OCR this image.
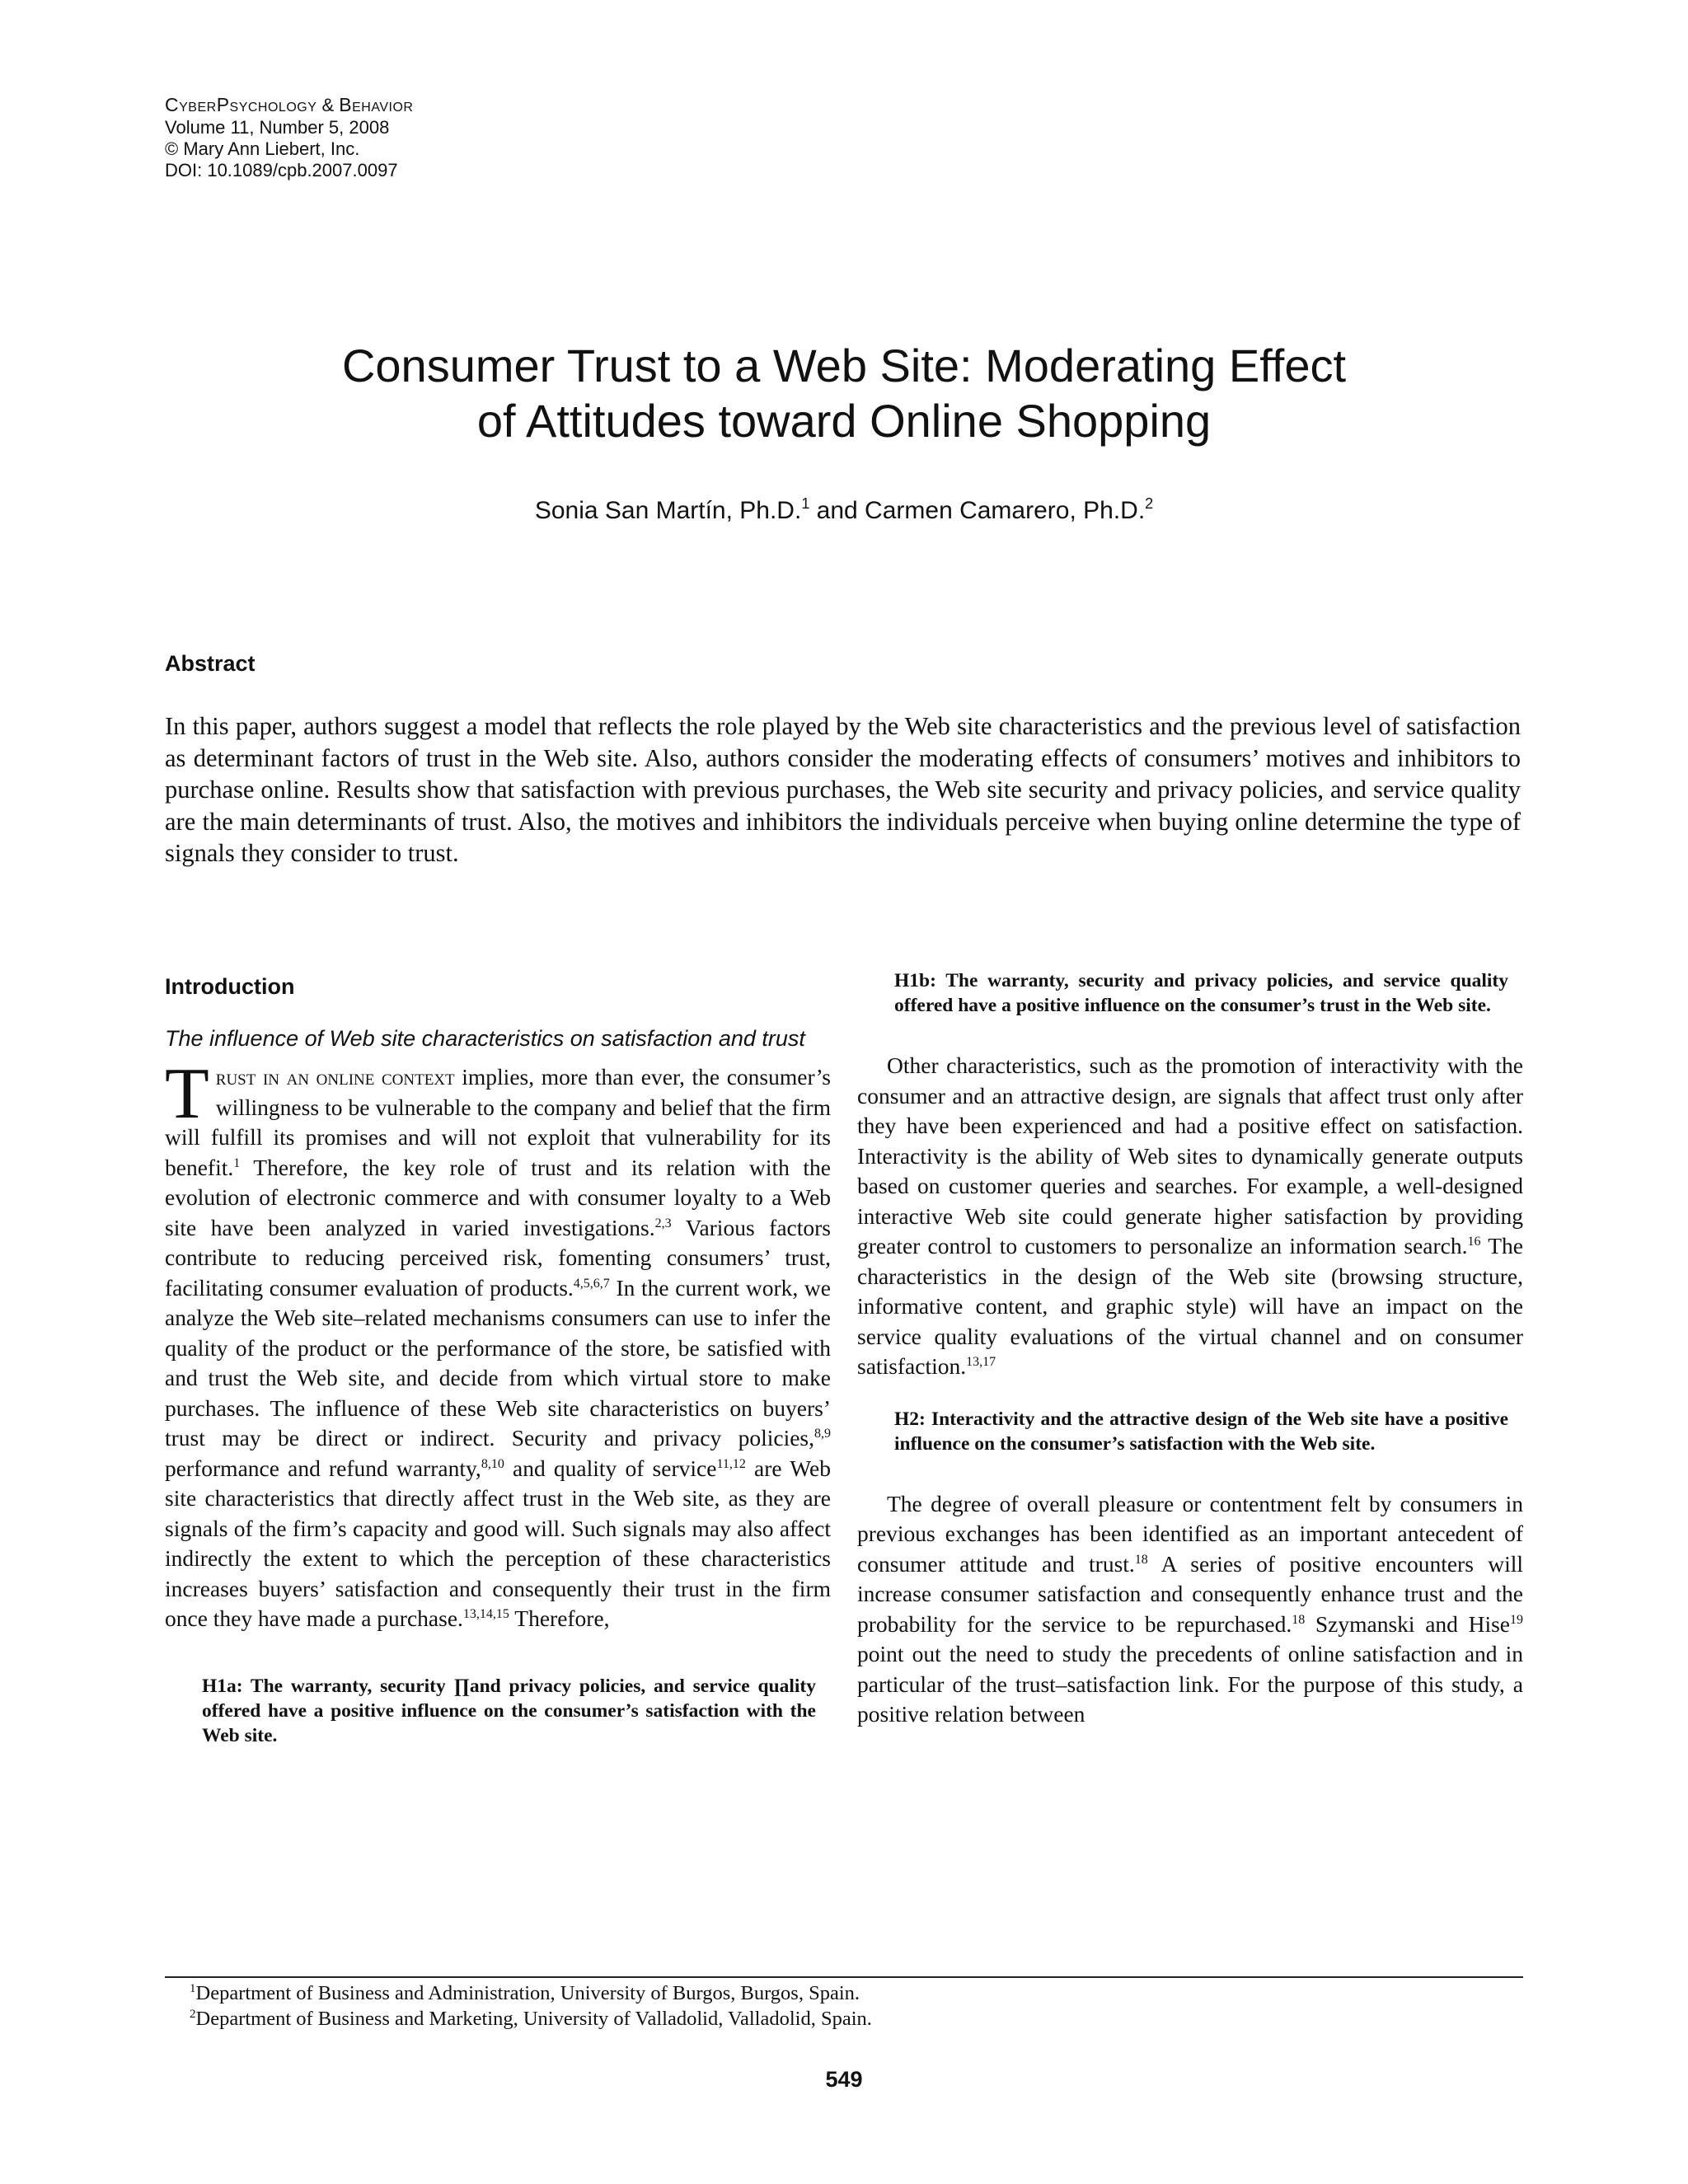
CyberPsychology & Behavior
Volume 11, Number 5, 2008
© Mary Ann Liebert, Inc.
DOI: 10.1089/cpb.2007.0097
Consumer Trust to a Web Site: Moderating Effect
of Attitudes toward Online Shopping
Sonia San Martín, Ph.D.$^1$ and Carmen Camarero, Ph.D.$^2$
Abstract

In this paper, authors suggest a model that reflects the role played by the Web site characteristics and the previous level of satisfaction as determinant factors of trust in the Web site. Also, authors consider the moderating effects of consumers’ motives and inhibitors to purchase online. Results show that satisfaction with previous purchases, the Web site security and privacy policies, and service quality are the main determinants of trust. Also, the motives and inhibitors the individuals perceive when buying online determine the type of signals they consider to trust.

Introduction
The influence of Web site characteristics on satisfaction and trust

Trust in an online context implies, more than ever, the consumer’s willingness to be vulnerable to the company and belief that the firm will fulfill its promises and will not exploit that vulnerability for its benefit.$^1$ Therefore, the key role of trust and its relation with the evolution of electronic commerce and with consumer loyalty to a Web site have been analyzed in varied investigations.$^{2,3}$ Various factors contribute to reducing perceived risk, fomenting consumers’ trust, facilitating consumer evaluation of products.$^{4,5,6,7}$ In the current work, we analyze the Web site–related mechanisms consumers can use to infer the quality of the product or the performance of the store, be satisfied with and trust the Web site, and decide from which virtual store to make purchases. The influence of these Web site characteristics on buyers’ trust may be direct or indirect. Security and privacy policies,$^{8,9}$ performance and refund warranty,$^{8,10}$ and quality of service$^{11,12}$ are Web site characteristics that directly affect trust in the Web site, as they are signals of the firm’s capacity and good will. Such signals may also affect indirectly the extent to which the perception of these characteristics increases buyers’ satisfaction and consequently their trust in the firm once they have made a purchase.$^{13,14,15}$ Therefore,

H1a: The warranty, security ∏and privacy policies, and service quality offered have a positive influence on the consumer’s satisfaction with the Web site.

H1b: The warranty, security and privacy policies, and service quality offered have a positive influence on the consumer’s trust in the Web site.

Other characteristics, such as the promotion of interactivity with the consumer and an attractive design, are signals that affect trust only after they have been experienced and had a positive effect on satisfaction. Interactivity is the ability of Web sites to dynamically generate outputs based on customer queries and searches. For example, a well-designed interactive Web site could generate higher satisfaction by providing greater control to customers to personalize an information search.$^{16}$ The characteristics in the design of the Web site (browsing structure, informative content, and graphic style) will have an impact on the service quality evaluations of the virtual channel and on consumer satisfaction.$^{13,17}$

H2: Interactivity and the attractive design of the Web site have a positive influence on the consumer’s satisfaction with the Web site.

The degree of overall pleasure or contentment felt by consumers in previous exchanges has been identified as an important antecedent of consumer attitude and trust.$^{18}$ A series of positive encounters will increase consumer satisfaction and consequently enhance trust and the probability for the service to be repurchased.$^{18}$ Szymanski and Hise$^{19}$ point out the need to study the precedents of online satisfaction and in particular of the trust–satisfaction link. For the purpose of this study, a positive relation between

$^1$Department of Business and Administration, University of Burgos, Burgos, Spain.
$^2$Department of Business and Marketing, University of Valladolid, Valladolid, Spain.
549
